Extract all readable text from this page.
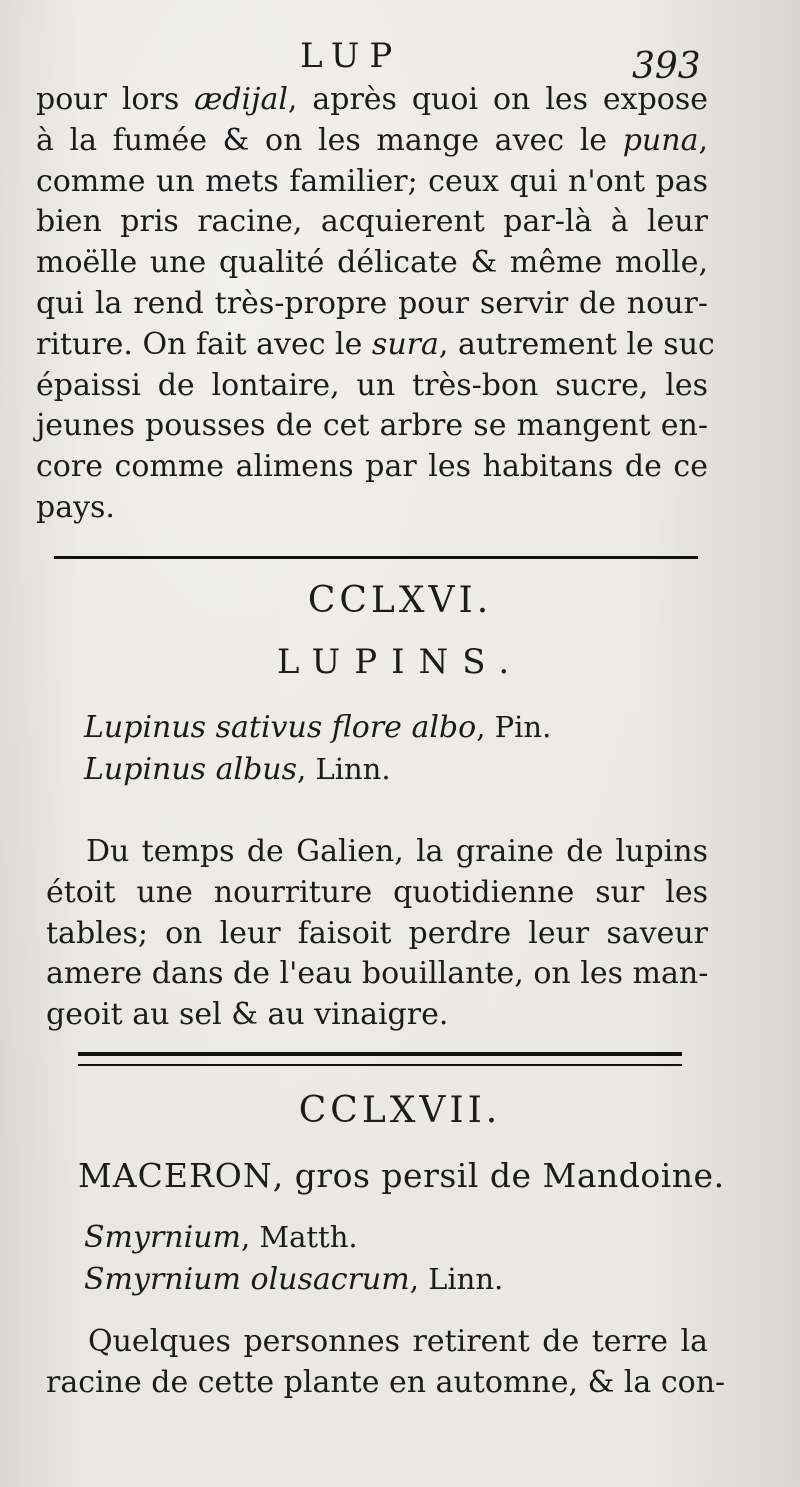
LUP	393

pour lors ædijal, après quoi on les expose
à la fumée & on les mange avec le puna,
comme un mets familier; ceux qui n'ont pas
bien pris racine, acquierent par-là à leur
moëlle une qualité délicate & même molle,
qui la rend très-propre pour servir de nour-
riture. On fait avec le sura, autrement le suc
épaissi de lontaire, un très-bon sucre, les
jeunes pousses de cet arbre se mangent en-
core comme alimens par les habitans de ce
pays.

CCLXVI.
LUPINS.
Lupinus sativus flore albo, Pin.
Lupinus albus, Linn.

Du temps de Galien, la graine de lupins
étoit une nourriture quotidienne sur les
tables; on leur faisoit perdre leur saveur
amere dans de l'eau bouillante, on les man-
geoit au sel & au vinaigre.

CCLXVII.
MACERON, gros persil de Mandoine.
Smyrnium, Matth.
Smyrnium olusacrum, Linn.

Quelques personnes retirent de terre la
racine de cette plante en automne, & la con-
